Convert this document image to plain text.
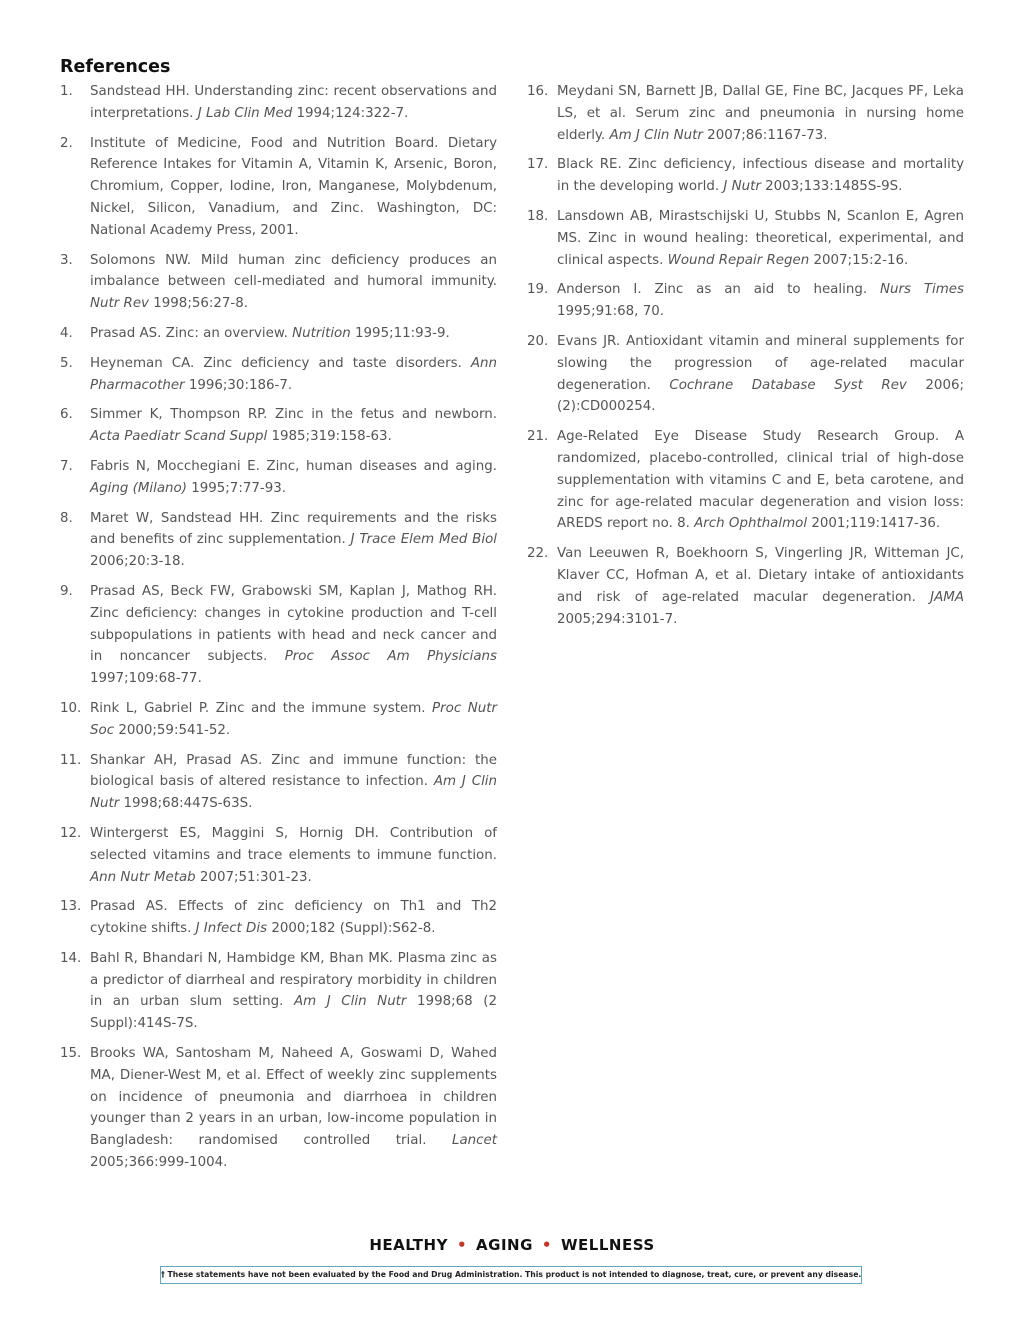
References
1. Sandstead HH. Understanding zinc: recent observations and interpretations. J Lab Clin Med 1994;124:322-7.
2. Institute of Medicine, Food and Nutrition Board. Dietary Reference Intakes for Vitamin A, Vitamin K, Arsenic, Boron, Chromium, Copper, Iodine, Iron, Manganese, Molybdenum, Nickel, Silicon, Vanadium, and Zinc. Washington, DC: National Academy Press, 2001.
3. Solomons NW. Mild human zinc deficiency produces an imbalance between cell-mediated and humoral immunity. Nutr Rev 1998;56:27-8.
4. Prasad AS. Zinc: an overview. Nutrition 1995;11:93-9.
5. Heyneman CA. Zinc deficiency and taste disorders. Ann Pharmacother 1996;30:186-7.
6. Simmer K, Thompson RP. Zinc in the fetus and newborn. Acta Paediatr Scand Suppl 1985;319:158-63.
7. Fabris N, Mocchegiani E. Zinc, human diseases and aging. Aging (Milano) 1995;7:77-93.
8. Maret W, Sandstead HH. Zinc requirements and the risks and benefits of zinc supplementation. J Trace Elem Med Biol 2006;20:3-18.
9. Prasad AS, Beck FW, Grabowski SM, Kaplan J, Mathog RH. Zinc deficiency: changes in cytokine production and T-cell subpopulations in patients with head and neck cancer and in noncancer subjects. Proc Assoc Am Physicians 1997;109:68-77.
10. Rink L, Gabriel P. Zinc and the immune system. Proc Nutr Soc 2000;59:541-52.
11. Shankar AH, Prasad AS. Zinc and immune function: the biological basis of altered resistance to infection. Am J Clin Nutr 1998;68:447S-63S.
12. Wintergerst ES, Maggini S, Hornig DH. Contribution of selected vitamins and trace elements to immune function. Ann Nutr Metab 2007;51:301-23.
13. Prasad AS. Effects of zinc deficiency on Th1 and Th2 cytokine shifts. J Infect Dis 2000;182 (Suppl):S62-8.
14. Bahl R, Bhandari N, Hambidge KM, Bhan MK. Plasma zinc as a predictor of diarrheal and respiratory morbidity in children in an urban slum setting. Am J Clin Nutr 1998;68 (2 Suppl):414S-7S.
15. Brooks WA, Santosham M, Naheed A, Goswami D, Wahed MA, Diener-West M, et al. Effect of weekly zinc supplements on incidence of pneumonia and diarrhoea in children younger than 2 years in an urban, low-income population in Bangladesh: randomised controlled trial. Lancet 2005;366:999-1004.
16. Meydani SN, Barnett JB, Dallal GE, Fine BC, Jacques PF, Leka LS, et al. Serum zinc and pneumonia in nursing home elderly. Am J Clin Nutr 2007;86:1167-73.
17. Black RE. Zinc deficiency, infectious disease and mortality in the developing world. J Nutr 2003;133:1485S-9S.
18. Lansdown AB, Mirastschijski U, Stubbs N, Scanlon E, Agren MS. Zinc in wound healing: theoretical, experimental, and clinical aspects. Wound Repair Regen 2007;15:2-16.
19. Anderson I. Zinc as an aid to healing. Nurs Times 1995;91:68, 70.
20. Evans JR. Antioxidant vitamin and mineral supplements for slowing the progression of age-related macular degeneration. Cochrane Database Syst Rev 2006;(2):CD000254.
21. Age-Related Eye Disease Study Research Group. A randomized, placebo-controlled, clinical trial of high-dose supplementation with vitamins C and E, beta carotene, and zinc for age-related macular degeneration and vision loss: AREDS report no. 8. Arch Ophthalmol 2001;119:1417-36.
22. Van Leeuwen R, Boekhoorn S, Vingerling JR, Witteman JC, Klaver CC, Hofman A, et al. Dietary intake of antioxidants and risk of age-related macular degeneration. JAMA 2005;294:3101-7.
HEALTHY • AGING • WELLNESS
† These statements have not been evaluated by the Food and Drug Administration. This product is not intended to diagnose, treat, cure, or prevent any disease.
